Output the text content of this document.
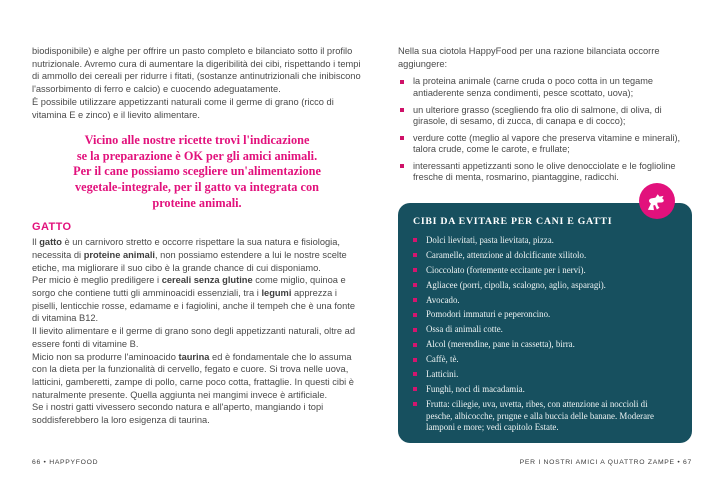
biodisponibile) e alghe per offrire un pasto completo e bilanciato sotto il profilo nutrizionale. Avremo cura di aumentare la digeribilità dei cibi, rispettando i tempi di ammollo dei cereali per ridurre i fitati, (sostanze antinutrizionali che inibiscono l'assorbimento di ferro e calcio) e cuocendo adeguatamente.

È possibile utilizzare appetizzanti naturali come il germe di grano (ricco di vitamina E e zinco) e il lievito alimentare.

Vicino alle nostre ricette trovi l'indicazione
se la preparazione è OK per gli amici animali.
Per il cane possiamo scegliere un'alimentazione
vegetale-integrale, per il gatto va integrata con
proteine animali.
GATTO

Il gatto è un carnivoro stretto e occorre rispettare la sua natura e fisiologia, necessita di proteine animali, non possiamo estendere a lui le nostre scelte etiche, ma migliorare il suo cibo è la grande chance di cui disponiamo.

Per micio è meglio prediligere i cereali senza glutine come miglio, quinoa e sorgo che contiene tutti gli amminoacidi essenziali, tra i legumi apprezza i piselli, lenticchie rosse, edamame e i fagiolini, anche il tempeh che è una fonte di vitamina B12.

Il lievito alimentare e il germe di grano sono degli appetizzanti naturali, oltre ad essere fonti di vitamine B.

Micio non sa produrre l'aminoacido taurina ed è fondamentale che lo assuma con la dieta per la funzionalità di cervello, fegato e cuore. Si trova nelle uova, latticini, gamberetti, zampe di pollo, carne poco cotta, frattaglie. In questi cibi è naturalmente presente. Quella aggiunta nei mangimi invece è artificiale.

Se i nostri gatti vivessero secondo natura e all'aperto, mangiando i topi soddisferebbero la loro esigenza di taurina.

Nella sua ciotola HappyFood per una razione bilanciata occorre aggiungere:

la proteina animale (carne cruda o poco cotta in un tegame antiaderente senza condimenti, pesce scottato, uova);
un ulteriore grasso (scegliendo fra olio di salmone, di oliva, di girasole, di sesamo, di zucca, di canapa e di cocco);
verdure cotte (meglio al vapore che preserva vitamine e minerali), talora crude, come le carote, e frullate;
interessanti appetizzanti sono le olive denocciolate e le foglioline fresche di menta, rosmarino, piantaggine, radicchi.
CIBI DA EVITARE PER CANI E GATTI
Dolci lievitati, pasta lievitata, pizza.
Caramelle, attenzione al dolcificante xilitolo.
Cioccolato (fortemente eccitante per i nervi).
Agliacee (porri, cipolla, scalogno, aglio, asparagi).
Avocado.
Pomodori immaturi e peperoncino.
Ossa di animali cotte.
Alcol (merendine, pane in cassetta), birra.
Caffè, tè.
Latticini.
Funghi, noci di macadamia.
Frutta: ciliegie, uva, uvetta, ribes, con attenzione ai noccioli di pesche, albicocche, prugne e alla buccia delle banane. Moderare lamponi e more; vedi capitolo Estate.
66 • HAPPYFOOD	PER I NOSTRI AMICI A QUATTRO ZAMPE • 67
